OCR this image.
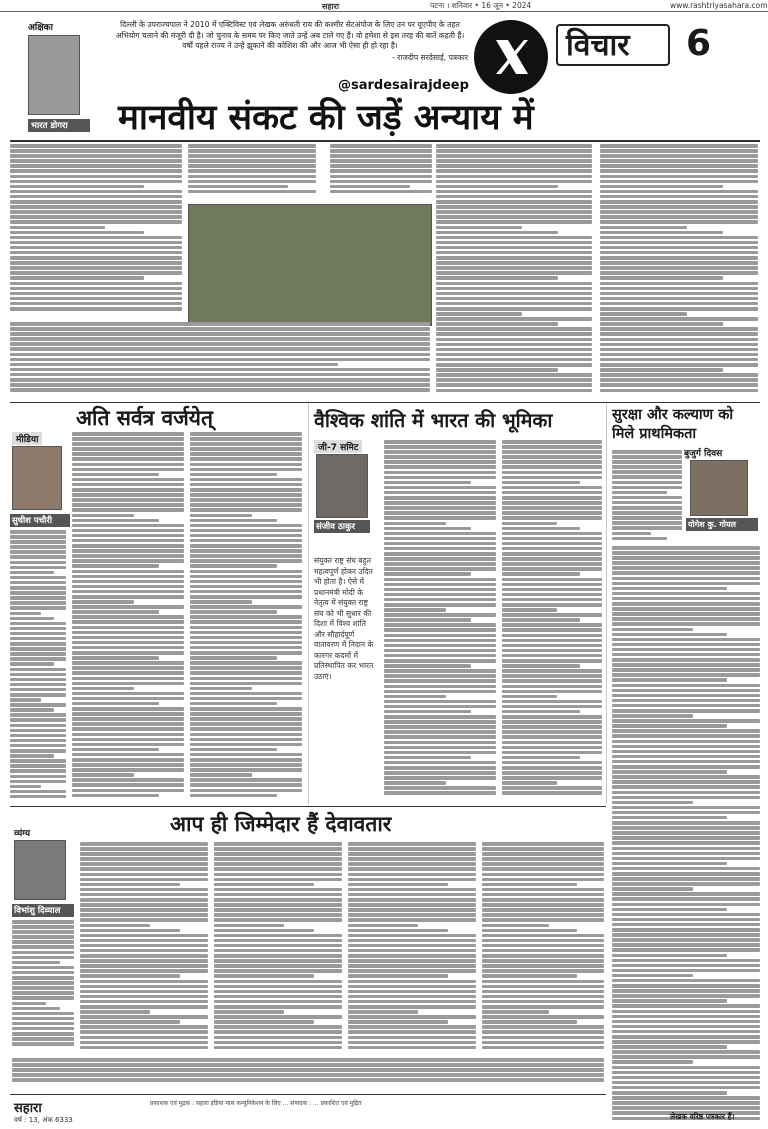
सहारा	पटना । शनिवार • 16 जून • 2024	www.rashtriyasahara.com
अक्षिका
भारत डोगरा
दिल्ली के उपराज्यपाल ने 2010 में एक्टिविस्ट एवं लेखक अरुंधती राय की कश्मीर सेटअंपोज के लिए उन पर यूएपीए के तहत अभियोग चलाने की मंजूरी दी है। जो चुनाव के समय पर किए जाते उन्हें अब टाले गए हैं। वो हमेशा से इस तरह की बातें कहती हैं। वर्षों पहले राज्य ने उन्हें झुकाने की कोशिश की और आज भी ऐसा ही हो रहा है।
- राजदीप सरदेसाई, पत्रकार
@sardesairajdeep
विचार 6
मानवीय संकट की जड़ें अन्याय में
अति सर्वत्र वर्जयेत्
मीडिया
सुधीश पचौरी
वैश्विक शांति में भारत की भूमिका
जी-7 समिट
संजीव ठाकुर
संयुक्त राष्ट्र संघ बहुत महत्वपूर्ण होकर उदित भी होता है। ऐसे में प्रधानमंत्री मोदी के नेतृत्व में संयुक्त राष्ट्र संघ को भी सुधार की दिशा में विश्व शांति और सौहार्दपूर्ण वातावरण में निदान के कारगर कदमों में प्रतिस्थापित कर भारत उठाएं।
सुरक्षा और कल्याण को मिले प्राथमिकता
बुजुर्ग दिवस
योगेश कु. गोयल
लेखक वरिष्ठ पत्रकार हैं।
आप ही जिम्मेदार हैं देवावतार
व्यंग्य
विभांशु दिव्याल
सहारा
वर्ष : 13, अंक 6333
प्रकाशक एवं मुद्रक : सहारा इंडिया मास कम्युनिकेशन के लिए ... संपादक : ... प्रकाशित एवं मुद्रित
